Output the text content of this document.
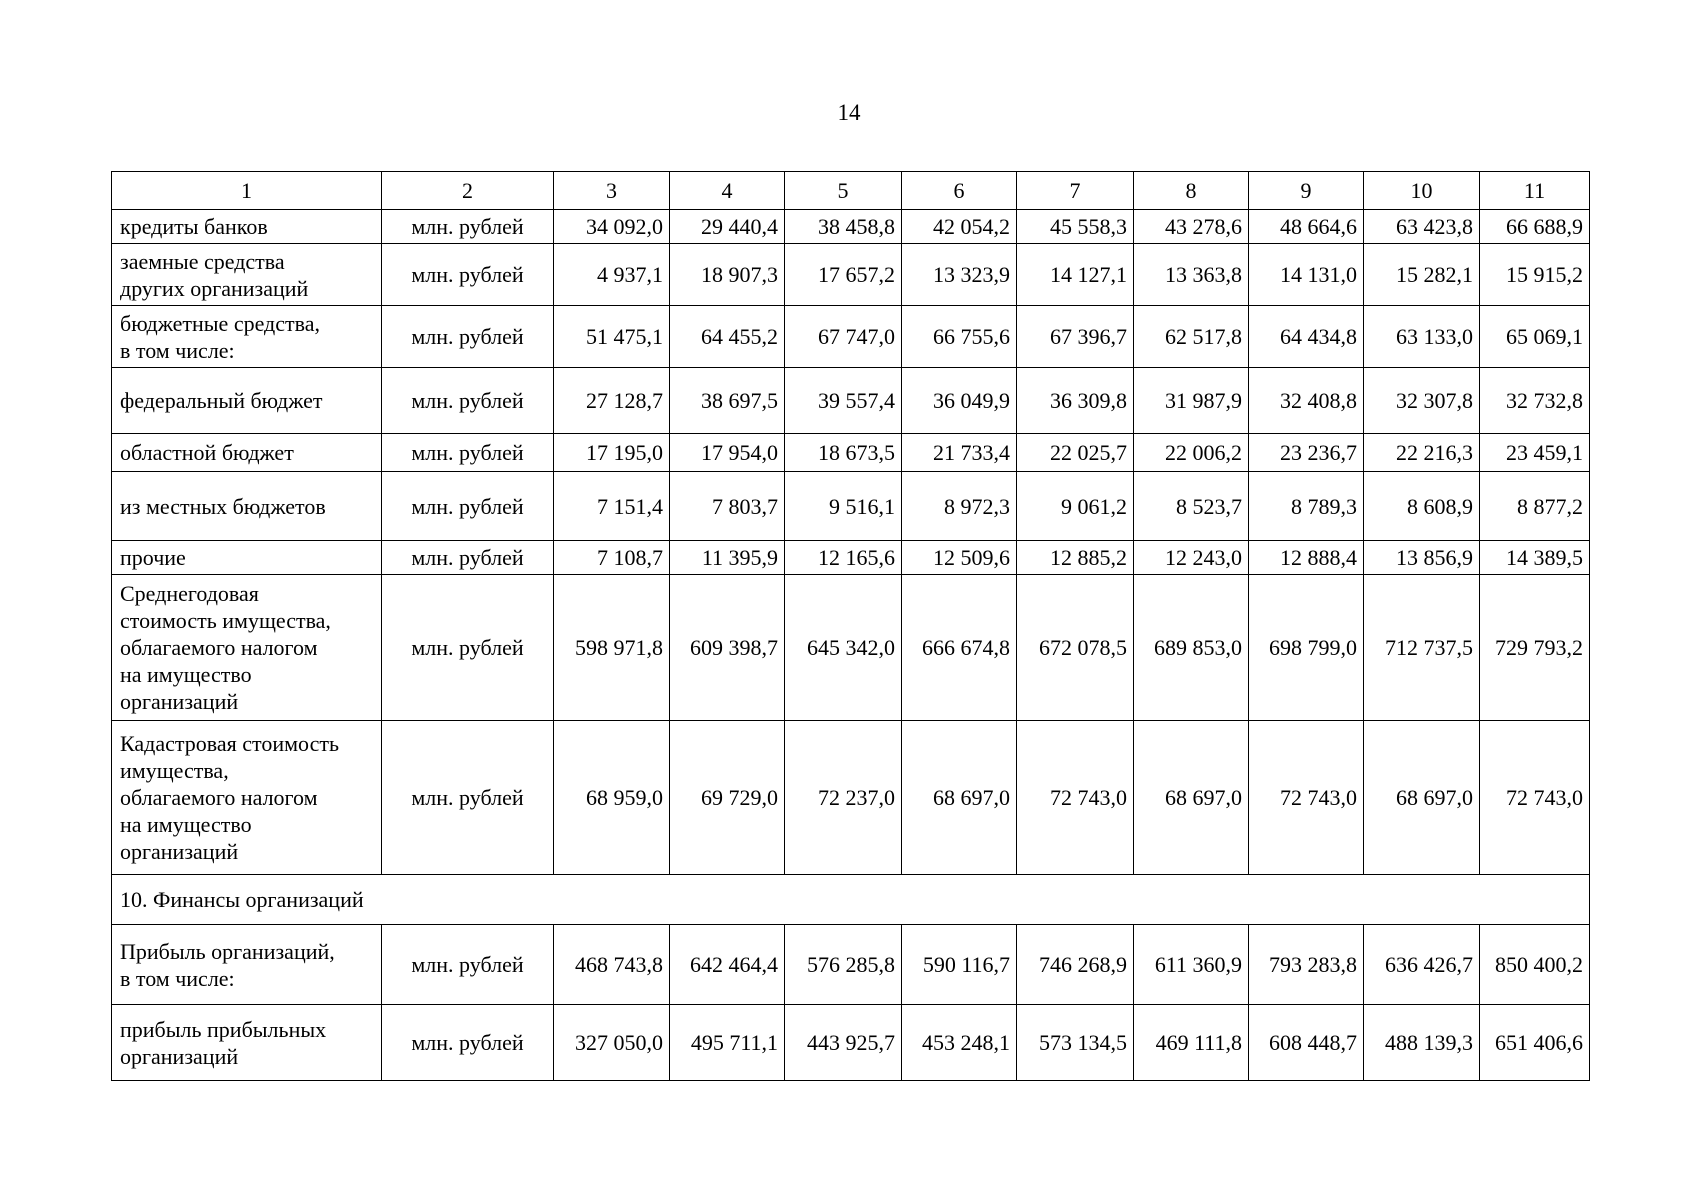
14
1	2	3	4	5	6	7	8	9	10	11

кредиты банков	млн. рублей	34 092,0	29 440,4	38 458,8	42 054,2	45 558,3	43 278,6	48 664,6	63 423,8	66 688,9

заемные средства
других организаций	млн. рублей	4 937,1	18 907,3	17 657,2	13 323,9	14 127,1	13 363,8	14 131,0	15 282,1	15 915,2

бюджетные средства,
в том числе:	млн. рублей	51 475,1	64 455,2	67 747,0	66 755,6	67 396,7	62 517,8	64 434,8	63 133,0	65 069,1

федеральный бюджет	млн. рублей	27 128,7	38 697,5	39 557,4	36 049,9	36 309,8	31 987,9	32 408,8	32 307,8	32 732,8

областной бюджет	млн. рублей	17 195,0	17 954,0	18 673,5	21 733,4	22 025,7	22 006,2	23 236,7	22 216,3	23 459,1

из местных бюджетов	млн. рублей	7 151,4	7 803,7	9 516,1	8 972,3	9 061,2	8 523,7	8 789,3	8 608,9	8 877,2

прочие	млн. рублей	7 108,7	11 395,9	12 165,6	12 509,6	12 885,2	12 243,0	12 888,4	13 856,9	14 389,5

Среднегодовая
стоимость имущества,
облагаемого налогом
на имущество
организаций	млн. рублей	598 971,8	609 398,7	645 342,0	666 674,8	672 078,5	689 853,0	698 799,0	712 737,5	729 793,2

Кадастровая стоимость
имущества,
облагаемого налогом
на имущество
организаций	млн. рублей	68 959,0	69 729,0	72 237,0	68 697,0	72 743,0	68 697,0	72 743,0	68 697,0	72 743,0
10. Финансы организаций										

Прибыль организаций,
в том числе:	млн. рублей	468 743,8	642 464,4	576 285,8	590 116,7	746 268,9	611 360,9	793 283,8	636 426,7	850 400,2

прибыль прибыльных
организаций	млн. рублей	327 050,0	495 711,1	443 925,7	453 248,1	573 134,5	469 111,8	608 448,7	488 139,3	651 406,6
